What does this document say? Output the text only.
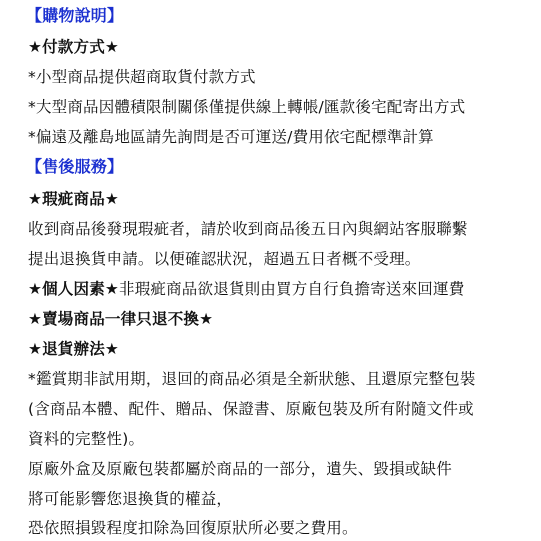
【購物說明】
★付款方式★
*小型商品提供超商取貨付款方式
*大型商品因體積限制關係僅提供線上轉帳/匯款後宅配寄出方式
*偏遠及離島地區請先詢問是否可運送/費用依宅配標準計算
【售後服務】
★瑕疵商品★
收到商品後發現瑕疵者，請於收到商品後五日內與網站客服聯繫
提出退換貨申請。以便確認狀況，超過五日者概不受理。
★個人因素★非瑕疵商品欲退貨則由買方自行負擔寄送來回運費
★賣場商品一律只退不換★
★退貨辦法★
*鑑賞期非試用期，退回的商品必須是全新狀態、且還原完整包裝
(含商品本體、配件、贈品、保證書、原廠包裝及所有附隨文件或
資料的完整性)。
原廠外盒及原廠包裝都屬於商品的一部分，遺失、毀損或缺件
將可能影響您退換貨的權益，
恐依照損毀程度扣除為回復原狀所必要之費用。
